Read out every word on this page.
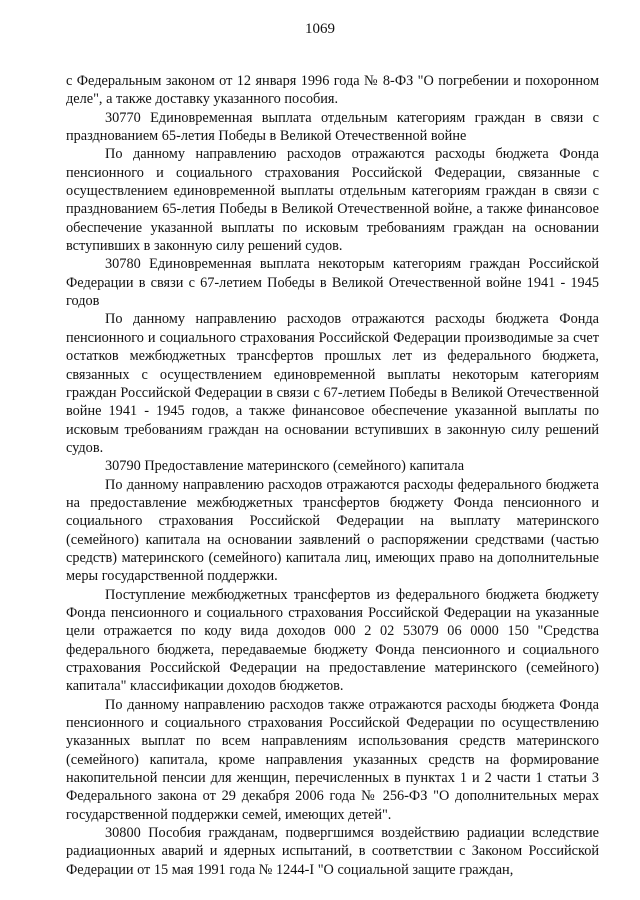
1069

с Федеральным законом от 12 января 1996 года № 8-ФЗ "О погребении и похоронном деле", а также доставку указанного пособия.

30770 Единовременная выплата отдельным категориям граждан в связи с празднованием 65-летия Победы в Великой Отечественной войне

По данному направлению расходов отражаются расходы бюджета Фонда пенсионного и социального страхования Российской Федерации, связанные с осуществлением единовременной выплаты отдельным категориям граждан в связи с празднованием 65-летия Победы в Великой Отечественной войне, а также финансовое обеспечение указанной выплаты по исковым требованиям граждан на основании вступивших в законную силу решений судов.

30780 Единовременная выплата некоторым категориям граждан Российской Федерации в связи с 67-летием Победы в Великой Отечественной войне 1941 - 1945 годов

По данному направлению расходов отражаются расходы бюджета Фонда пенсионного и социального страхования Российской Федерации производимые за счет остатков межбюджетных трансфертов прошлых лет из федерального бюджета, связанных с осуществлением единовременной выплаты некоторым категориям граждан Российской Федерации в связи с 67-летием Победы в Великой Отечественной войне 1941 - 1945 годов, а также финансовое обеспечение указанной выплаты по исковым требованиям граждан на основании вступивших в законную силу решений судов.

30790 Предоставление материнского (семейного) капитала

По данному направлению расходов отражаются расходы федерального бюджета на предоставление межбюджетных трансфертов бюджету Фонда пенсионного и социального страхования Российской Федерации на выплату материнского (семейного) капитала на основании заявлений о распоряжении средствами (частью средств) материнского (семейного) капитала лиц, имеющих право на дополнительные меры государственной поддержки.

Поступление межбюджетных трансфертов из федерального бюджета бюджету Фонда пенсионного и социального страхования Российской Федерации на указанные цели отражается по коду вида доходов 000 2 02 53079 06 0000 150 "Средства федерального бюджета, передаваемые бюджету Фонда пенсионного и социального страхования Российской Федерации на предоставление материнского (семейного) капитала" классификации доходов бюджетов.

По данному направлению расходов также отражаются расходы бюджета Фонда пенсионного и социального страхования Российской Федерации по осуществлению указанных выплат по всем направлениям использования средств материнского (семейного) капитала, кроме направления указанных средств на формирование накопительной пенсии для женщин, перечисленных в пунктах 1 и 2 части 1 статьи 3 Федерального закона от 29 декабря 2006 года № 256-ФЗ "О дополнительных мерах государственной поддержки семей, имеющих детей".

30800 Пособия гражданам, подвергшимся воздействию радиации вследствие радиационных аварий и ядерных испытаний, в соответствии с Законом Российской Федерации от 15 мая 1991 года № 1244-I "О социальной защите граждан,
